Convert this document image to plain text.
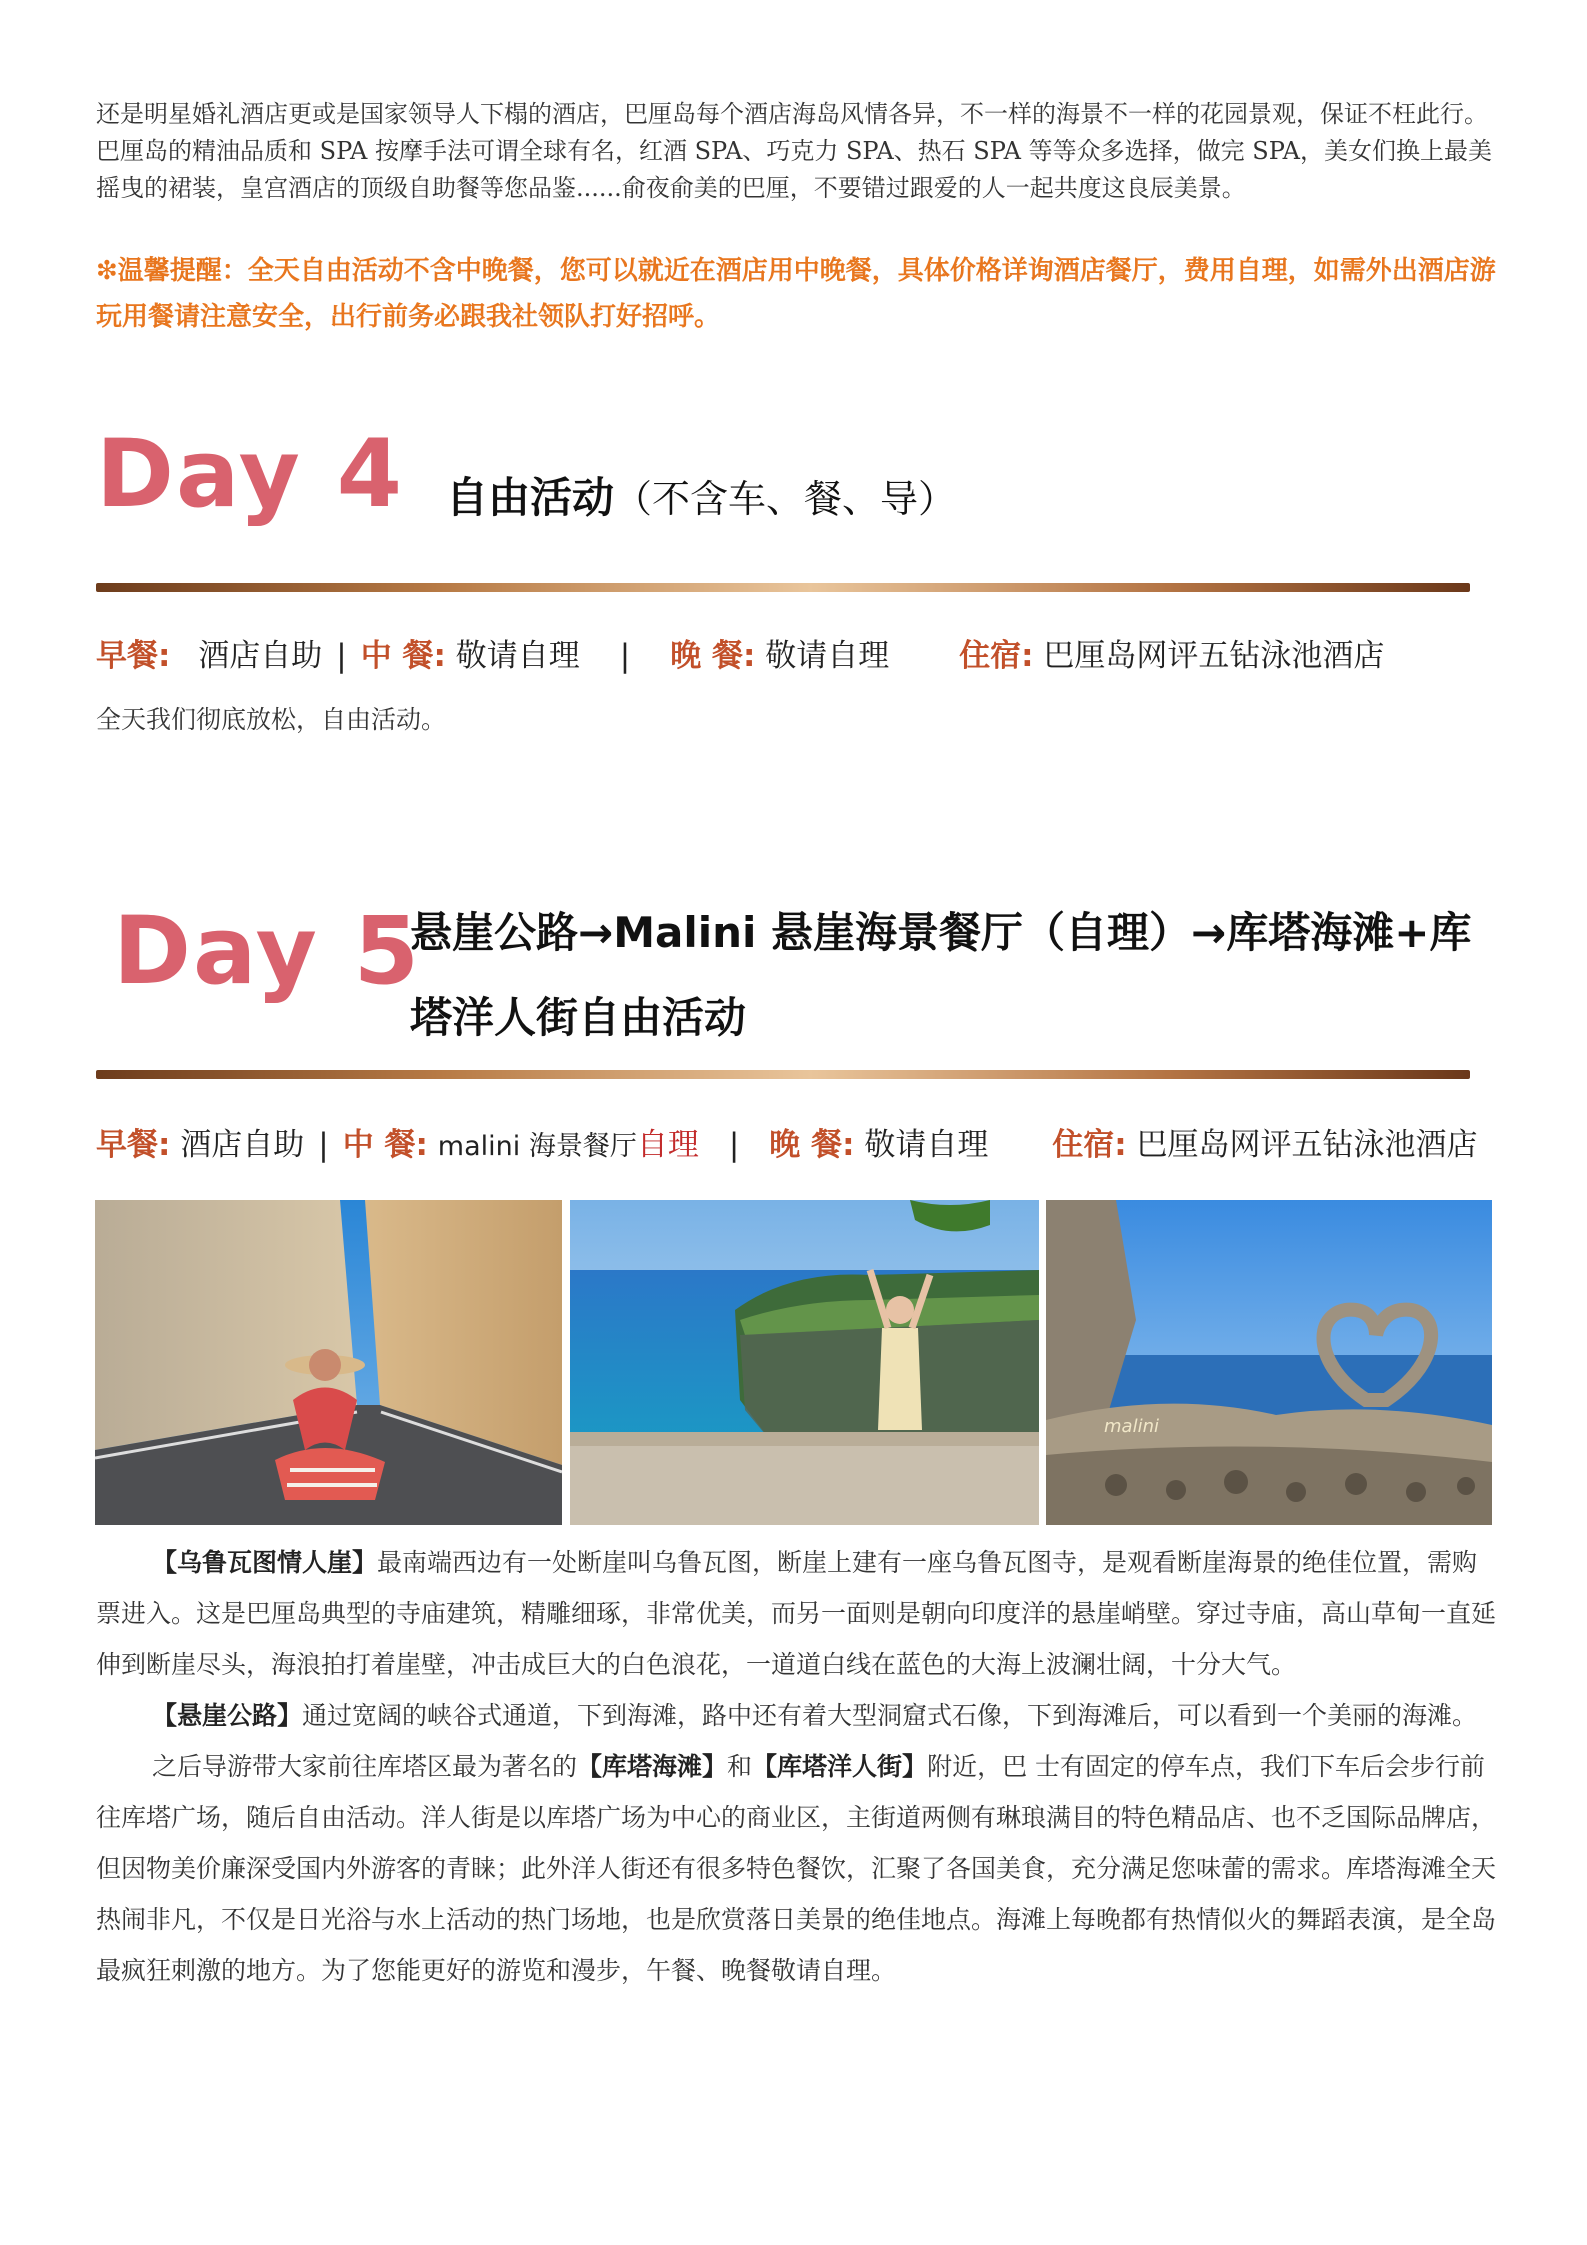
还是明星婚礼酒店更或是国家领导人下榻的酒店，巴厘岛每个酒店海岛风情各异，不一样的海景不一样的花园景观，保证不枉此行。巴厘岛的精油品质和 SPA 按摩手法可谓全球有名，红酒 SPA、巧克力 SPA、热石 SPA 等等众多选择，做完 SPA，美女们换上最美摇曳的裙装，皇宫酒店的顶级自助餐等您品鉴......俞夜俞美的巴厘，不要错过跟爱的人一起共度这良辰美景。
❇温馨提醒：全天自由活动不含中晚餐，您可以就近在酒店用中晚餐，具体价格详询酒店餐厅，费用自理，如需外出酒店游玩用餐请注意安全，出行前务必跟我社领队打好招呼。
Day 4 自由活动（不含车、餐、导）
早餐: 酒店自助 | 中 餐: 敬请自理 | 晚 餐: 敬请自理 住宿: 巴厘岛网评五钻泳池酒店
全天我们彻底放松，自由活动。
Day 5
悬崖公路→Malini 悬崖海景餐厅（自理）→库塔海滩+库
塔洋人街自由活动
早餐: 酒店自助 | 中 餐: malini 海景餐厅自理 | 晚 餐: 敬请自理 住宿: 巴厘岛网评五钻泳池酒店
malini

【乌鲁瓦图情人崖】最南端西边有一处断崖叫乌鲁瓦图，断崖上建有一座乌鲁瓦图寺，是观看断崖海景的绝佳位置，需购票进入。这是巴厘岛典型的寺庙建筑，精雕细琢，非常优美，而另一面则是朝向印度洋的悬崖峭壁。穿过寺庙，高山草甸一直延伸到断崖尽头，海浪拍打着崖壁，冲击成巨大的白色浪花，一道道白线在蓝色的大海上波澜壮阔，十分大气。

【悬崖公路】通过宽阔的峡谷式通道，下到海滩，路中还有着大型洞窟式石像，下到海滩后，可以看到一个美丽的海滩。

之后导游带大家前往库塔区最为著名的【库塔海滩】和【库塔洋人街】附近，巴 士有固定的停车点，我们下车后会步行前往库塔广场，随后自由活动。洋人街是以库塔广场为中心的商业区，主街道两侧有琳琅满目的特色精品店、也不乏国际品牌店，但因物美价廉深受国内外游客的青睐；此外洋人街还有很多特色餐饮，汇聚了各国美食，充分满足您味蕾的需求。库塔海滩全天热闹非凡，不仅是日光浴与水上活动的热门场地，也是欣赏落日美景的绝佳地点。海滩上每晚都有热情似火的舞蹈表演，是全岛最疯狂刺激的地方。为了您能更好的游览和漫步，午餐、晚餐敬请自理。
